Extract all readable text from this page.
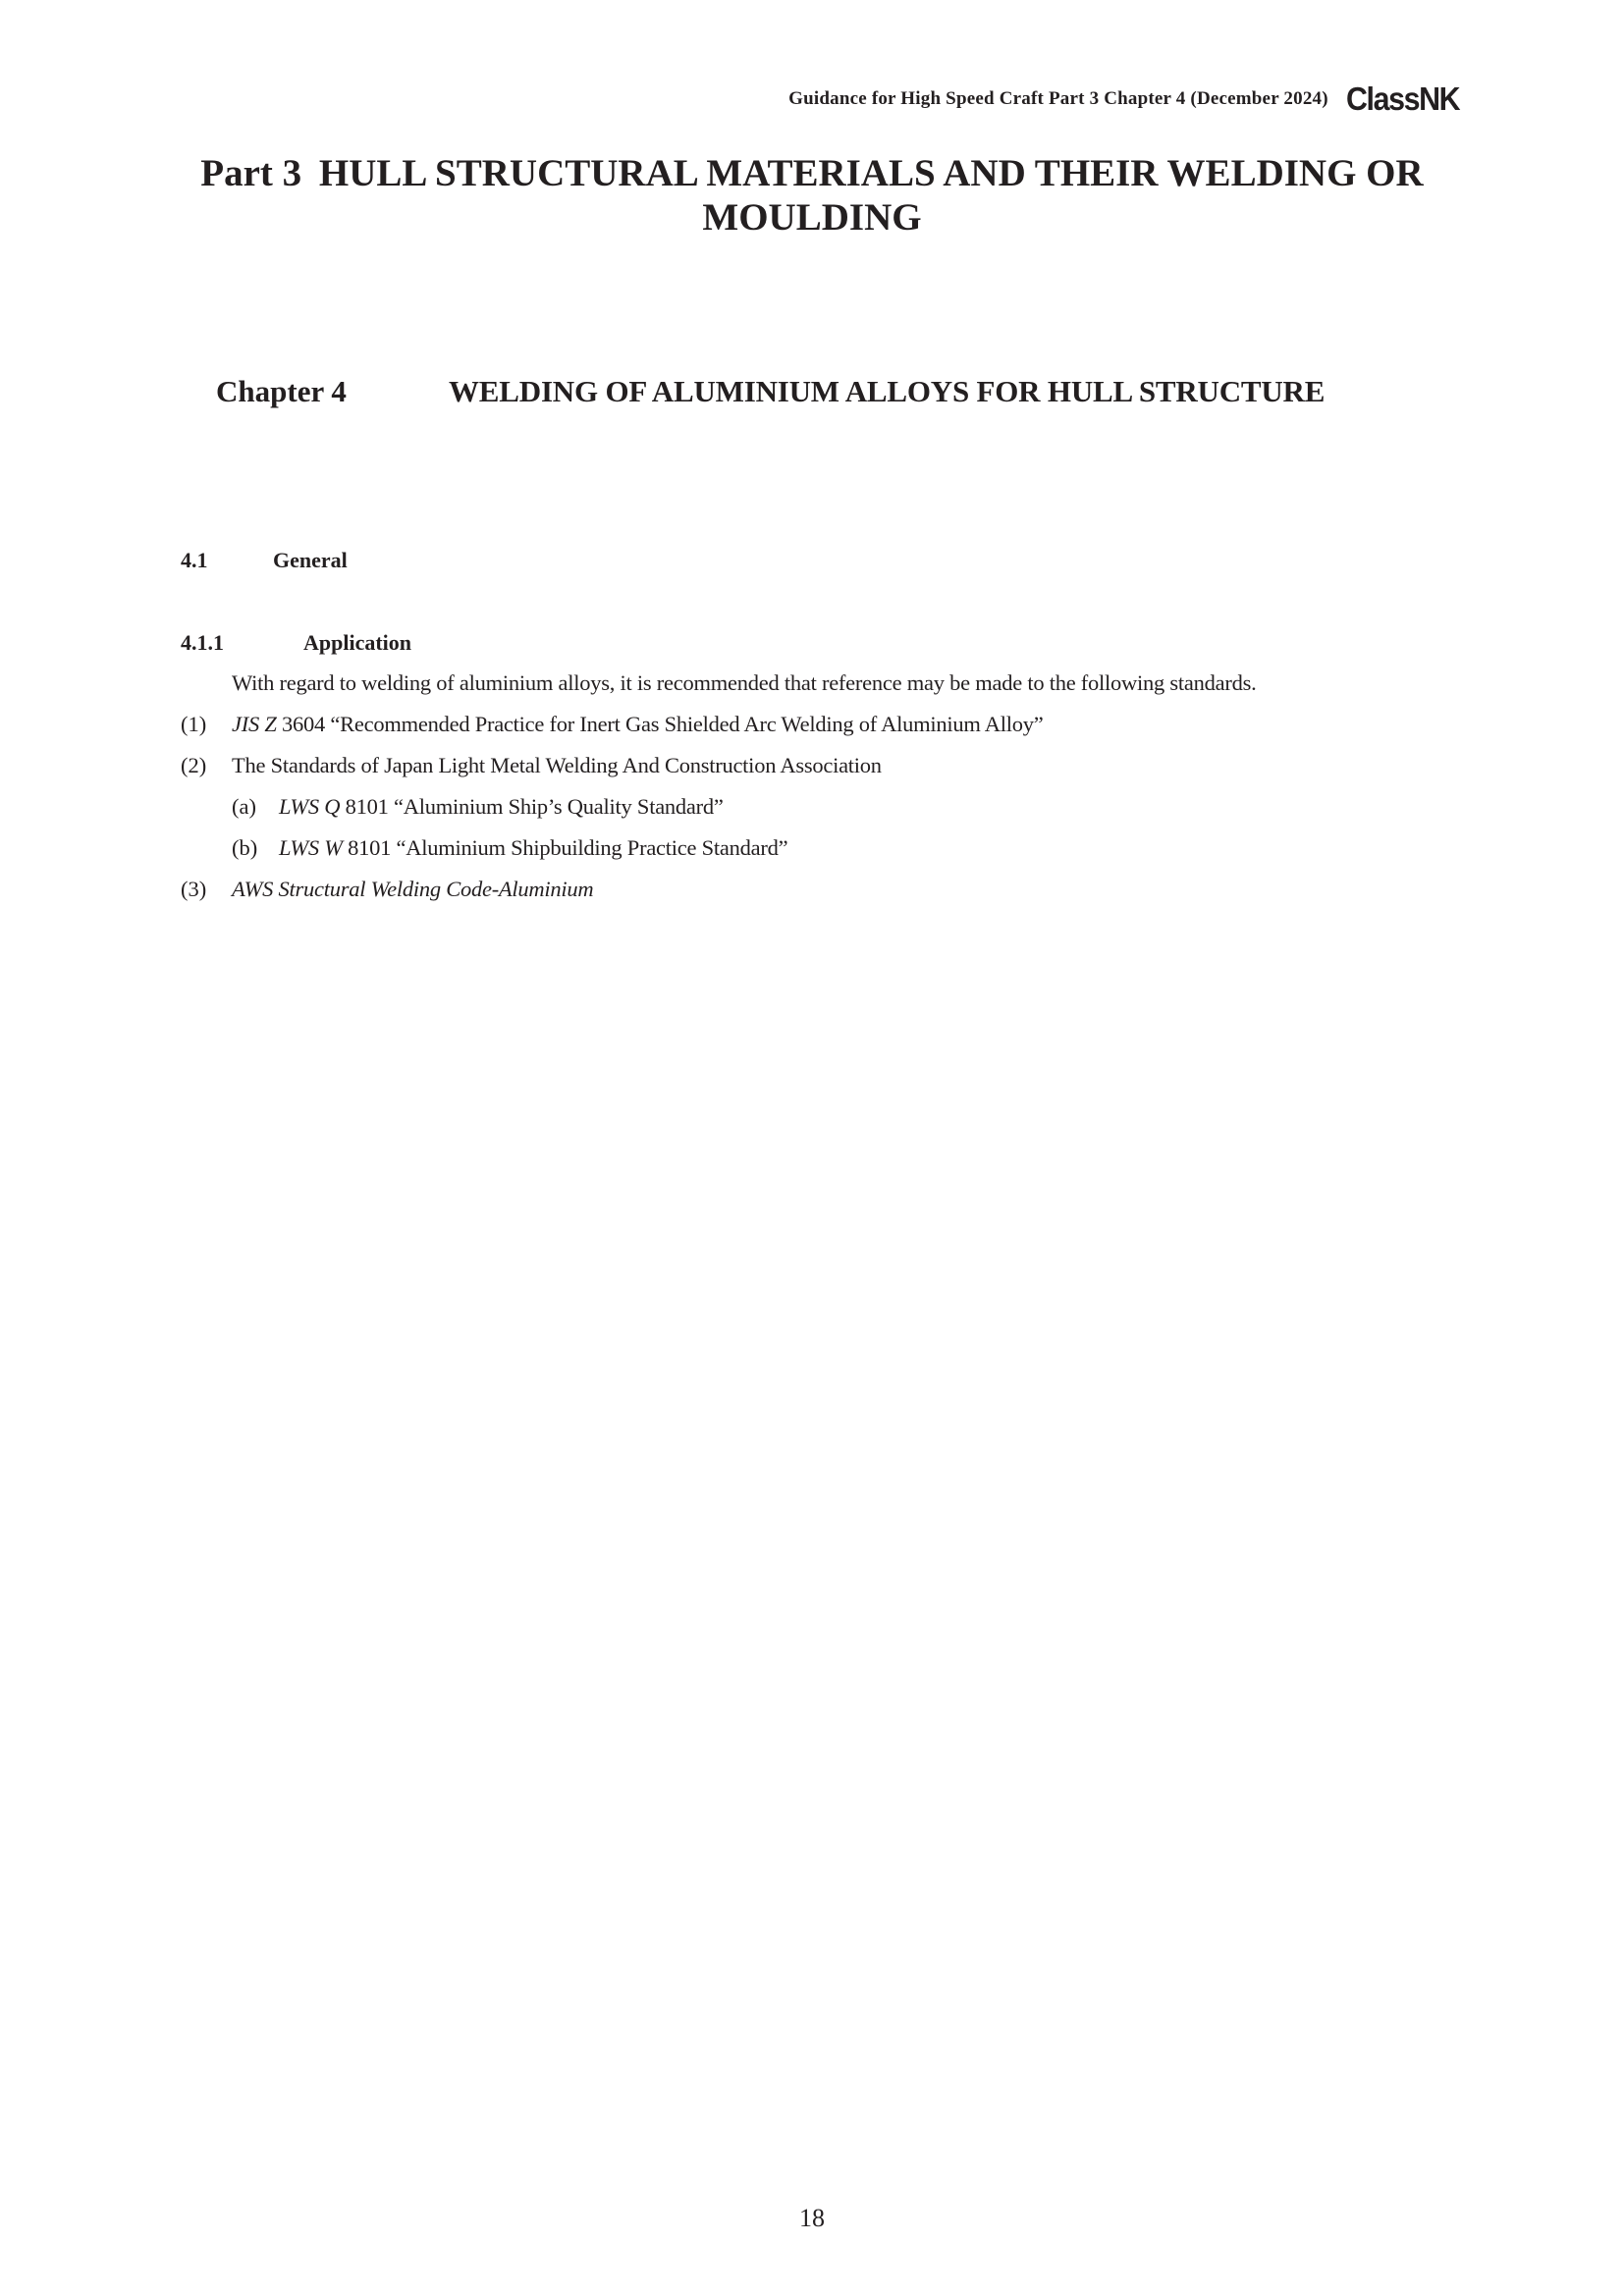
Guidance for High Speed Craft Part 3 Chapter 4 (December 2024) ClassNK
Part 3 HULL STRUCTURAL MATERIALS AND THEIR WELDING OR MOULDING
Chapter 4	WELDING OF ALUMINIUM ALLOYS FOR HULL STRUCTURE
4.1	General
4.1.1	Application
With regard to welding of aluminium alloys, it is recommended that reference may be made to the following standards.
(1) JIS Z 3604 “Recommended Practice for Inert Gas Shielded Arc Welding of Aluminium Alloy”
(2) The Standards of Japan Light Metal Welding And Construction Association
(a) LWS Q 8101 “Aluminium Ship’s Quality Standard”
(b) LWS W 8101 “Aluminium Shipbuilding Practice Standard”
(3) AWS Structural Welding Code-Aluminium
18
